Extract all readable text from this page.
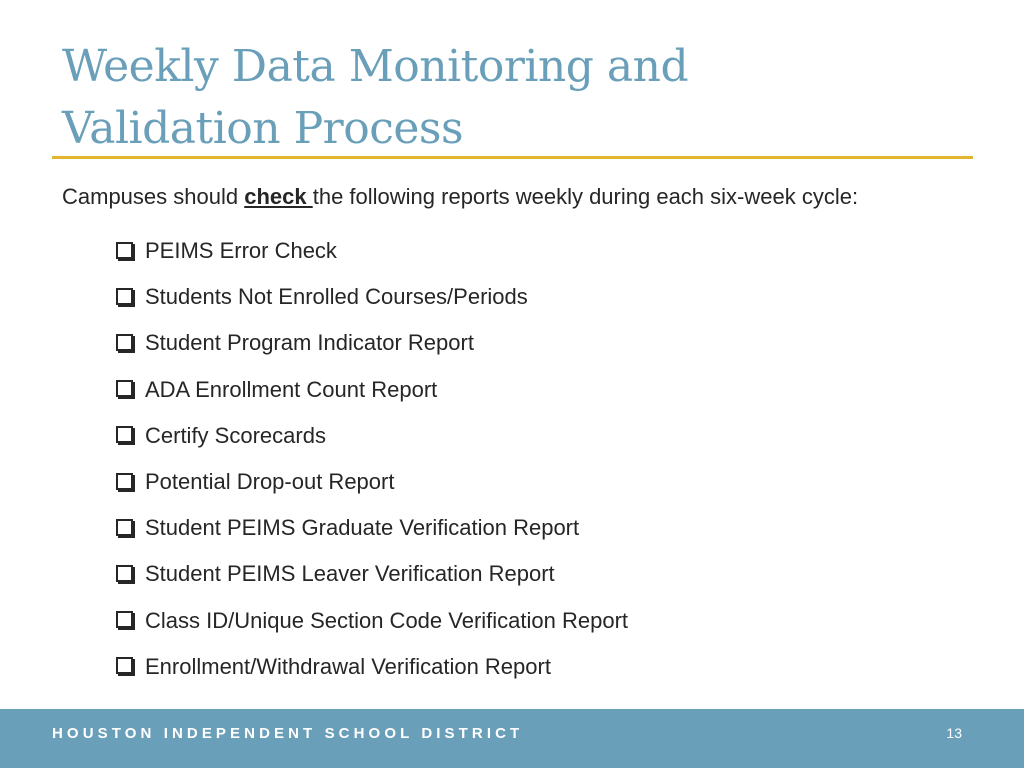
Weekly Data Monitoring and
Validation Process

Campuses should check the following reports weekly during each six-week cycle:

PEIMS Error Check
Students Not Enrolled Courses/Periods
Student Program Indicator Report
ADA Enrollment Count Report
Certify Scorecards
Potential Drop-out Report
Student PEIMS Graduate Verification Report
Student PEIMS Leaver Verification Report
Class ID/Unique Section Code Verification Report
Enrollment/Withdrawal Verification Report
HOUSTON INDEPENDENT SCHOOL DISTRICT	13
